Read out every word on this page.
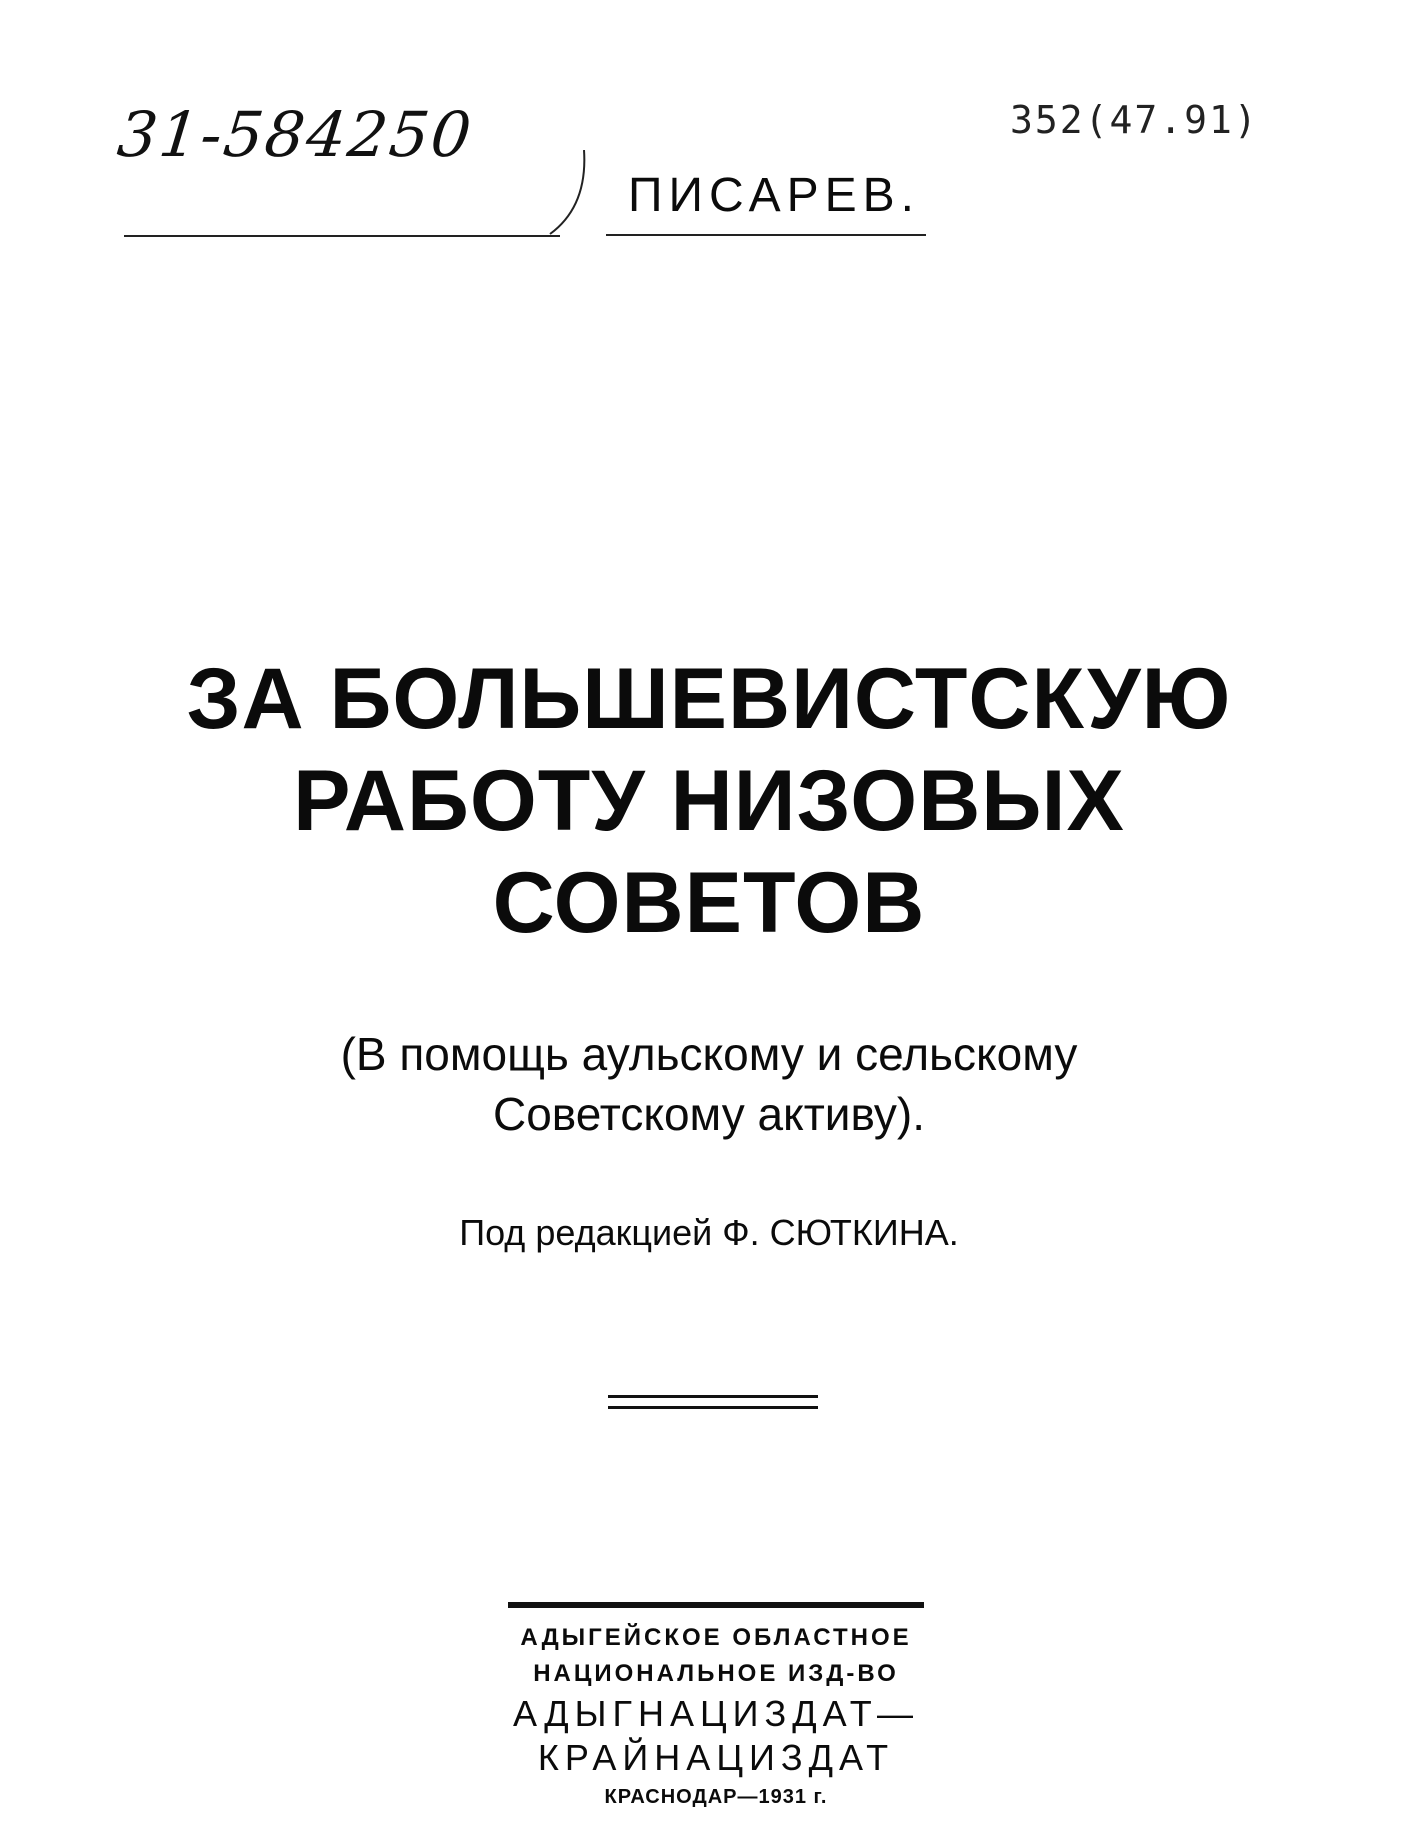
31-584250	352(47.91)
ПИСАРЕВ.
ЗА БОЛЬШЕВИСТСКУЮ
РАБОТУ НИЗОВЫХ
СОВЕТОВ
(В помощь аульскому и сельскому
Советскому активу).
Под редакцией Ф. СЮТКИНА.
АДЫГЕЙСКОЕ ОБЛАСТНОЕ
НАЦИОНАЛЬНОЕ ИЗД-ВО
АДЫГНАЦИЗДАТ—
КРАЙНАЦИЗДАТ
КРАСНОДАР—1931 г.
